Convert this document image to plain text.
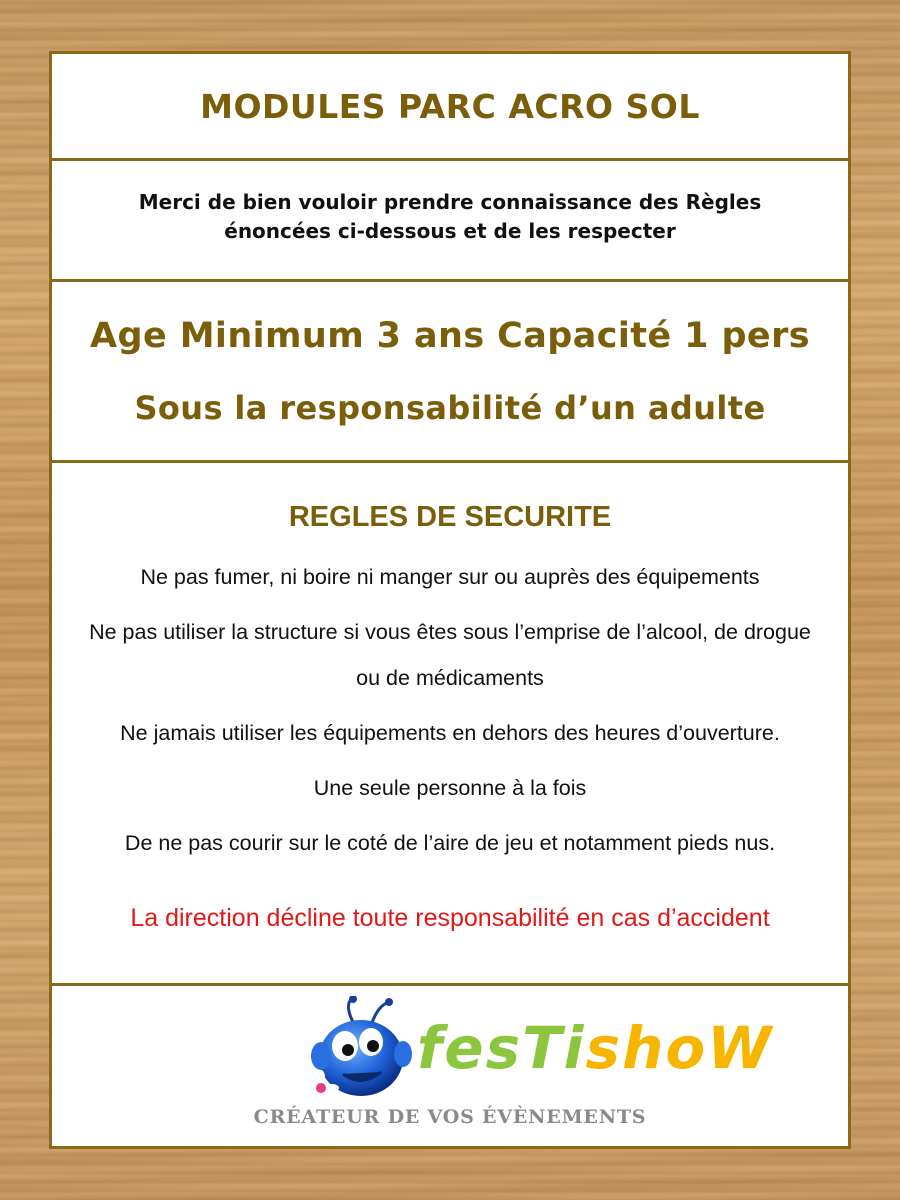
MODULES PARC ACRO SOL
Merci de bien vouloir prendre connaissance des Règles
énoncées ci-dessous et de les respecter
Age Minimum 3 ans Capacité 1 pers
Sous la responsabilité d’un adulte
REGLES DE SECURITE
Ne pas fumer, ni boire ni manger sur ou auprès des équipements
Ne pas utiliser la structure si vous êtes sous l’emprise de l’alcool, de drogue ou de médicaments
Ne jamais utiliser les équipements en dehors des heures d’ouverture.
Une seule personne à la fois
De ne pas courir sur le coté de l’aire de jeu et notamment pieds nus.
La direction décline toute responsabilité en cas d’accident
fesTishoW
CRÉATEUR DE VOS ÉVÈNEMENTS
